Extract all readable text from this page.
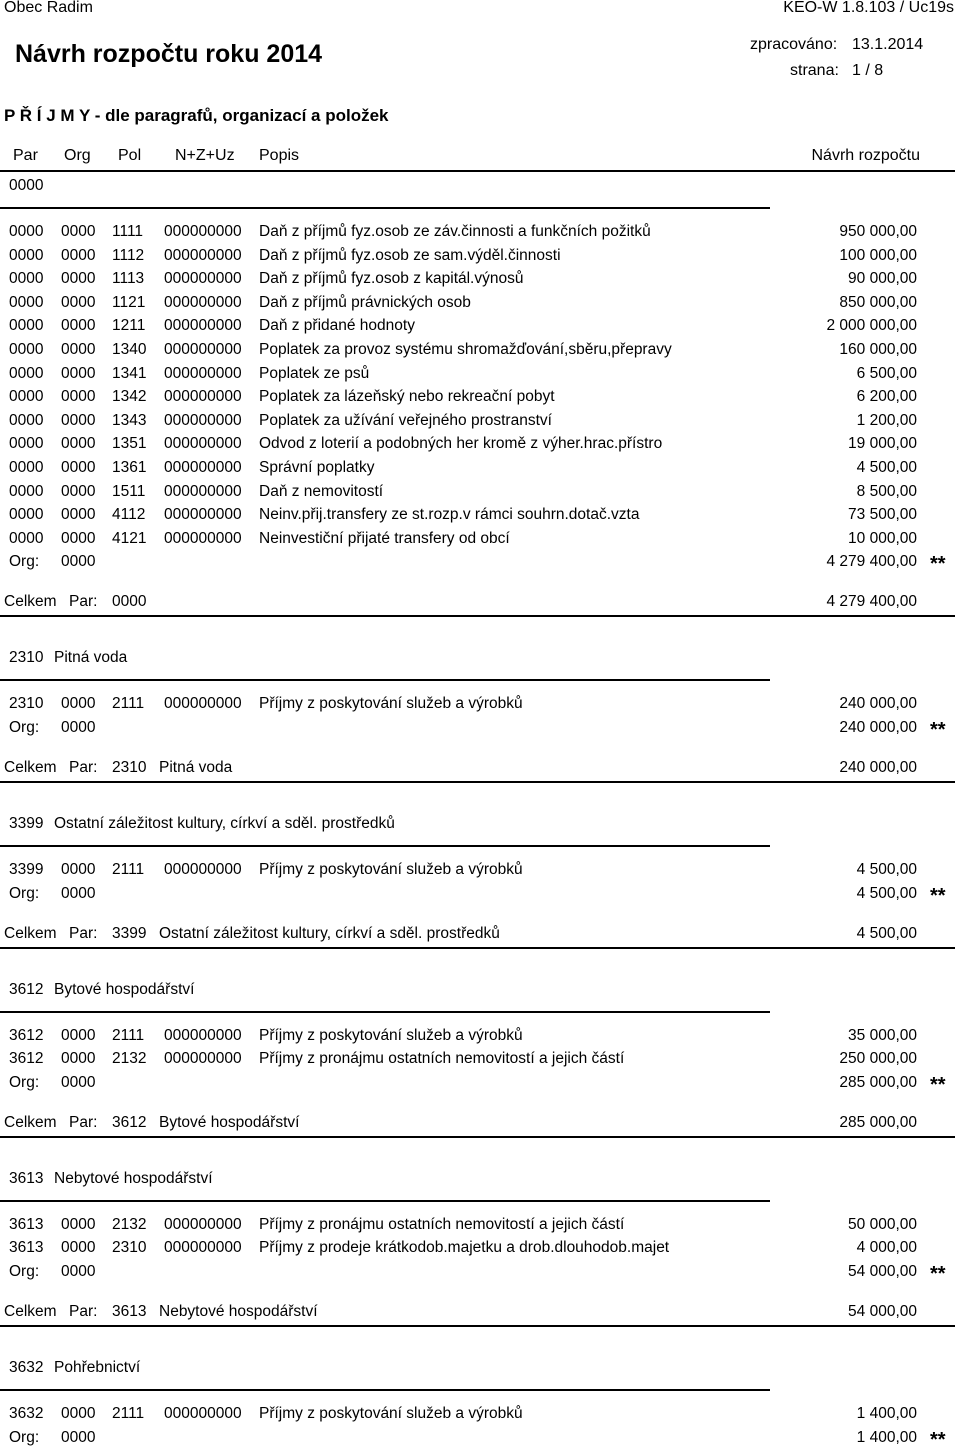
Obec Radim	KEO-W 1.8.103 / Uc19s
Návrh rozpočtu roku 2014	zpracováno: 13.1.2014
strana: 1 / 8
P Ř Í J M Y - dle paragrafů, organizací a položek
Par Org Pol N+Z+Uz Popis	Návrh rozpočtu
0000
0000 0000 1111 000000000 Daň z příjmů fyz.osob ze záv.činnosti a funkčních požitků	950 000,00
0000 0000 1112 000000000 Daň z příjmů fyz.osob ze sam.výděl.činnosti	100 000,00
0000 0000 1113 000000000 Daň z příjmů fyz.osob z kapitál.výnosů	90 000,00
0000 0000 1121 000000000 Daň z příjmů právnických osob	850 000,00
0000 0000 1211 000000000 Daň z přidané hodnoty	2 000 000,00
0000 0000 1340 000000000 Poplatek za provoz systému shromažďování,sběru,přepravy	160 000,00
0000 0000 1341 000000000 Poplatek ze psů	6 500,00
0000 0000 1342 000000000 Poplatek za lázeňský nebo rekreační pobyt	6 200,00
0000 0000 1343 000000000 Poplatek za užívání veřejného prostranství	1 200,00
0000 0000 1351 000000000 Odvod z loterií a podobných her kromě z výher.hrac.přístro	19 000,00
0000 0000 1361 000000000 Správní poplatky	4 500,00
0000 0000 1511 000000000 Daň z nemovitostí	8 500,00
0000 0000 4112 000000000 Neinv.přij.transfery ze st.rozp.v rámci souhrn.dotač.vzta	73 500,00
0000 0000 4121 000000000 Neinvestiční přijaté transfery od obcí	10 000,00
Org: 0000	4 279 400,00 **
Celkem Par: 0000	4 279 400,00
2310 Pitná voda
2310 0000 2111 000000000 Příjmy z poskytování služeb a výrobků	240 000,00
Org: 0000	240 000,00 **
Celkem Par: 2310 Pitná voda	240 000,00
3399 Ostatní záležitost kultury, církví a sděl. prostředků
3399 0000 2111 000000000 Příjmy z poskytování služeb a výrobků	4 500,00
Org: 0000	4 500,00 **
Celkem Par: 3399 Ostatní záležitost kultury, církví a sděl. prostředků	4 500,00
3612 Bytové hospodářství
3612 0000 2111 000000000 Příjmy z poskytování služeb a výrobků	35 000,00
3612 0000 2132 000000000 Příjmy z pronájmu ostatních nemovitostí a jejich částí	250 000,00
Org: 0000	285 000,00 **
Celkem Par: 3612 Bytové hospodářství	285 000,00
3613 Nebytové hospodářství
3613 0000 2132 000000000 Příjmy z pronájmu ostatních nemovitostí a jejich částí	50 000,00
3613 0000 2310 000000000 Příjmy z prodeje krátkodob.majetku a drob.dlouhodob.majet	4 000,00
Org: 0000	54 000,00 **
Celkem Par: 3613 Nebytové hospodářství	54 000,00
3632 Pohřebnictví
3632 0000 2111 000000000 Příjmy z poskytování služeb a výrobků	1 400,00
Org: 0000	1 400,00 **
